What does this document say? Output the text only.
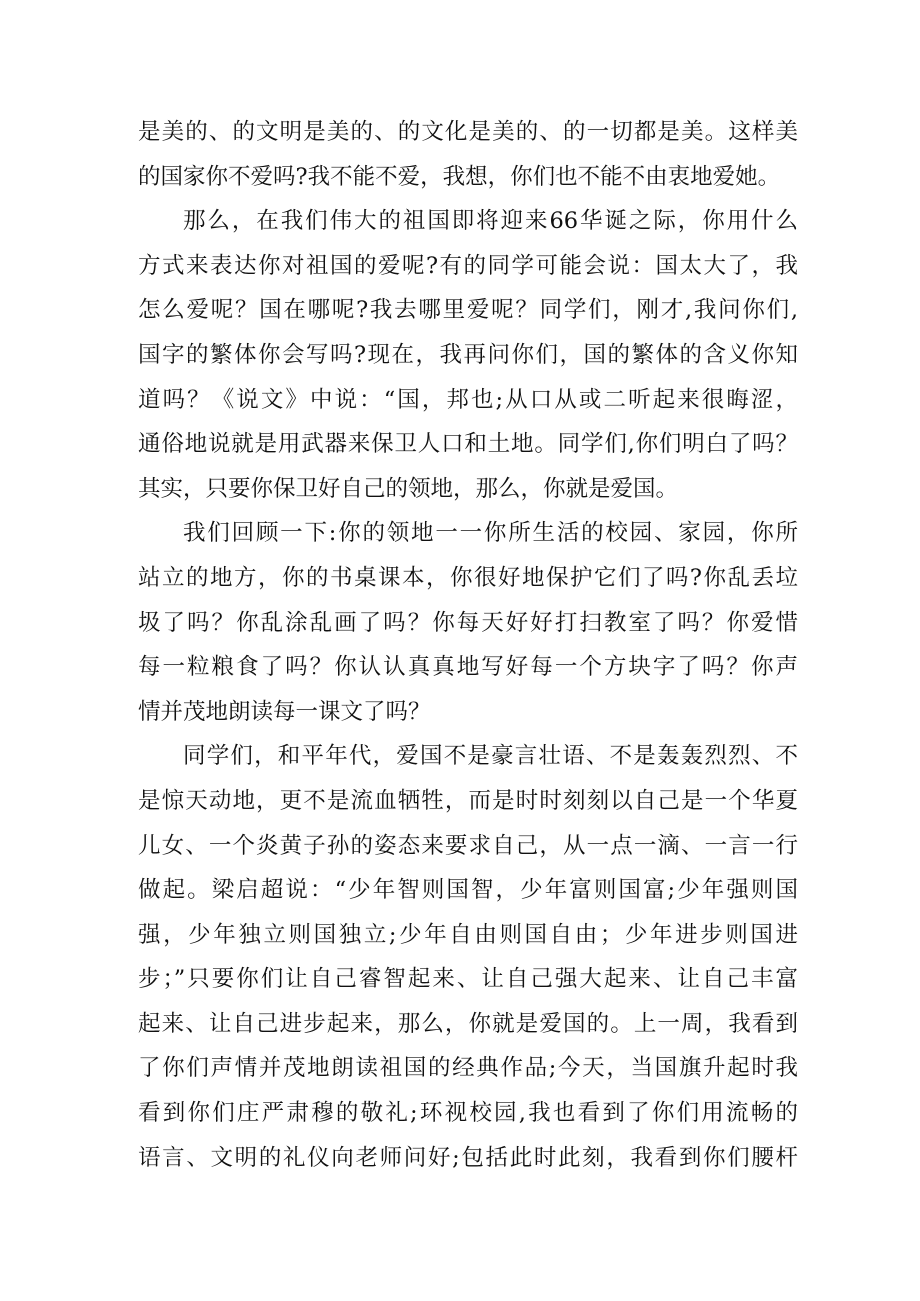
是美的、的文明是美的、的文化是美的、的一切都是美。这样美
的国家你不爱吗?我不能不爱，我想，你们也不能不由衷地爱她。
那么，在我们伟大的祖国即将迎来66华诞之际，你用什么
方式来表达你对祖国的爱呢?有的同学可能会说：国太大了，我
怎么爱呢？国在哪呢?我去哪里爱呢？同学们，刚才,我问你们,
国字的繁体你会写吗?现在，我再问你们，国的繁体的含义你知
道吗？《说文》中说：“国，邦也;从口从或二听起来很晦涩，
通俗地说就是用武器来保卫人口和土地。同学们,你们明白了吗？
其实，只要你保卫好自己的领地，那么，你就是爱国。
我们回顾一下:你的领地一一你所生活的校园、家园，你所
站立的地方，你的书桌课本，你很好地保护它们了吗?你乱丢垃
圾了吗？你乱涂乱画了吗？你每天好好打扫教室了吗？你爱惜
每一粒粮食了吗？你认认真真地写好每一个方块字了吗？你声
情并茂地朗读每一课文了吗？
同学们，和平年代，爱国不是豪言壮语、不是轰轰烈烈、不
是惊天动地，更不是流血牺牲，而是时时刻刻以自己是一个华夏
儿女、一个炎黄子孙的姿态来要求自己，从一点一滴、一言一行
做起。梁启超说：“少年智则国智，少年富则国富;少年强则国
强，少年独立则国独立;少年自由则国自由；少年进步则国进
步；”只要你们让自己睿智起来、让自己强大起来、让自己丰富
起来、让自己进步起来，那么，你就是爱国的。上一周，我看到
了你们声情并茂地朗读祖国的经典作品;今天，当国旗升起时我
看到你们庄严肃穆的敬礼;环视校园,我也看到了你们用流畅的
语言、文明的礼仪向老师问好;包括此时此刻，我看到你们腰杆
